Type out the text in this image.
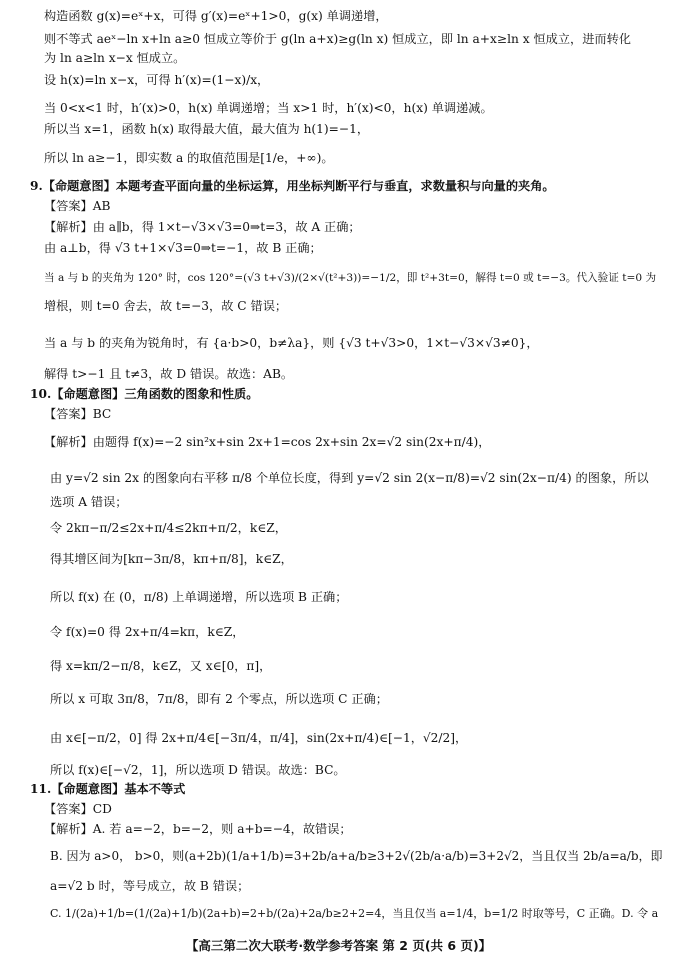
构造函数 g(x)=eˣ+x，可得 g′(x)=eˣ+1>0，g(x) 单调递增，
则不等式 aeˣ−ln x+ln a≥0 恒成立等价于 g(ln a+x)≥g(ln x) 恒成立，即 ln a+x≥ln x 恒成立，进而转化
为 ln a≥ln x−x 恒成立。
设 h(x)=ln x−x，可得 h′(x)=(1−x)/x，
当 0<x<1 时，h′(x)>0，h(x) 单调递增；当 x>1 时，h′(x)<0，h(x) 单调递减。
所以当 x=1，函数 h(x) 取得最大值，最大值为 h(1)=−1，
所以 ln a≥−1，即实数 a 的取值范围是[1/e，+∞)。
9.【命题意图】本题考查平面向量的坐标运算，用坐标判断平行与垂直，求数量积与向量的夹角。
【答案】AB
【解析】由 a∥b，得 1×t−√3×√3=0⇒t=3，故 A 正确；
由 a⊥b，得 √3 t+1×√3=0⇒t=−1，故 B 正确；
当 a 与 b 的夹角为 120° 时，cos 120°=(√3 t+√3)/(2×√(t²+3))=−1/2，即 t²+3t=0，解得 t=0 或 t=−3。代入验证 t=0 为
增根，则 t=0 舍去，故 t=−3，故 C 错误；
当 a 与 b 的夹角为锐角时，有 {a·b>0，b≠λa}，则 {√3 t+√3>0，1×t−√3×√3≠0}，
解得 t>−1 且 t≠3，故 D 错误。故选：AB。
10.【命题意图】三角函数的图象和性质。
【答案】BC
【解析】由题得 f(x)=−2 sin²x+sin 2x+1=cos 2x+sin 2x=√2 sin(2x+π/4)，
由 y=√2 sin 2x 的图象向右平移 π/8 个单位长度，得到 y=√2 sin 2(x−π/8)=√2 sin(2x−π/4) 的图象，所以
选项 A 错误；
令 2kπ−π/2≤2x+π/4≤2kπ+π/2，k∈Z，
得其增区间为[kπ−3π/8，kπ+π/8]，k∈Z，
所以 f(x) 在 (0，π/8) 上单调递增，所以选项 B 正确；
令 f(x)=0 得 2x+π/4=kπ，k∈Z，
得 x=kπ/2−π/8，k∈Z，又 x∈[0，π]，
所以 x 可取 3π/8，7π/8，即有 2 个零点，所以选项 C 正确；
由 x∈[−π/2，0] 得 2x+π/4∈[−3π/4，π/4]，sin(2x+π/4)∈[−1，√2/2]，
所以 f(x)∈[−√2，1]，所以选项 D 错误。故选：BC。
11.【命题意图】基本不等式
【答案】CD
【解析】A. 若 a=−2，b=−2，则 a+b=−4，故错误；
B. 因为 a>0， b>0，则(a+2b)(1/a+1/b)=3+2b/a+a/b≥3+2√(2b/a·a/b)=3+2√2，当且仅当 2b/a=a/b，即
a=√2 b 时，等号成立，故 B 错误；
C. 1/(2a)+1/b=(1/(2a)+1/b)(2a+b)=2+b/(2a)+2a/b≥2+2=4，当且仅当 a=1/4，b=1/2 时取等号，C 正确。D. 令 a
【高三第二次大联考·数学参考答案 第 2 页(共 6 页)】
